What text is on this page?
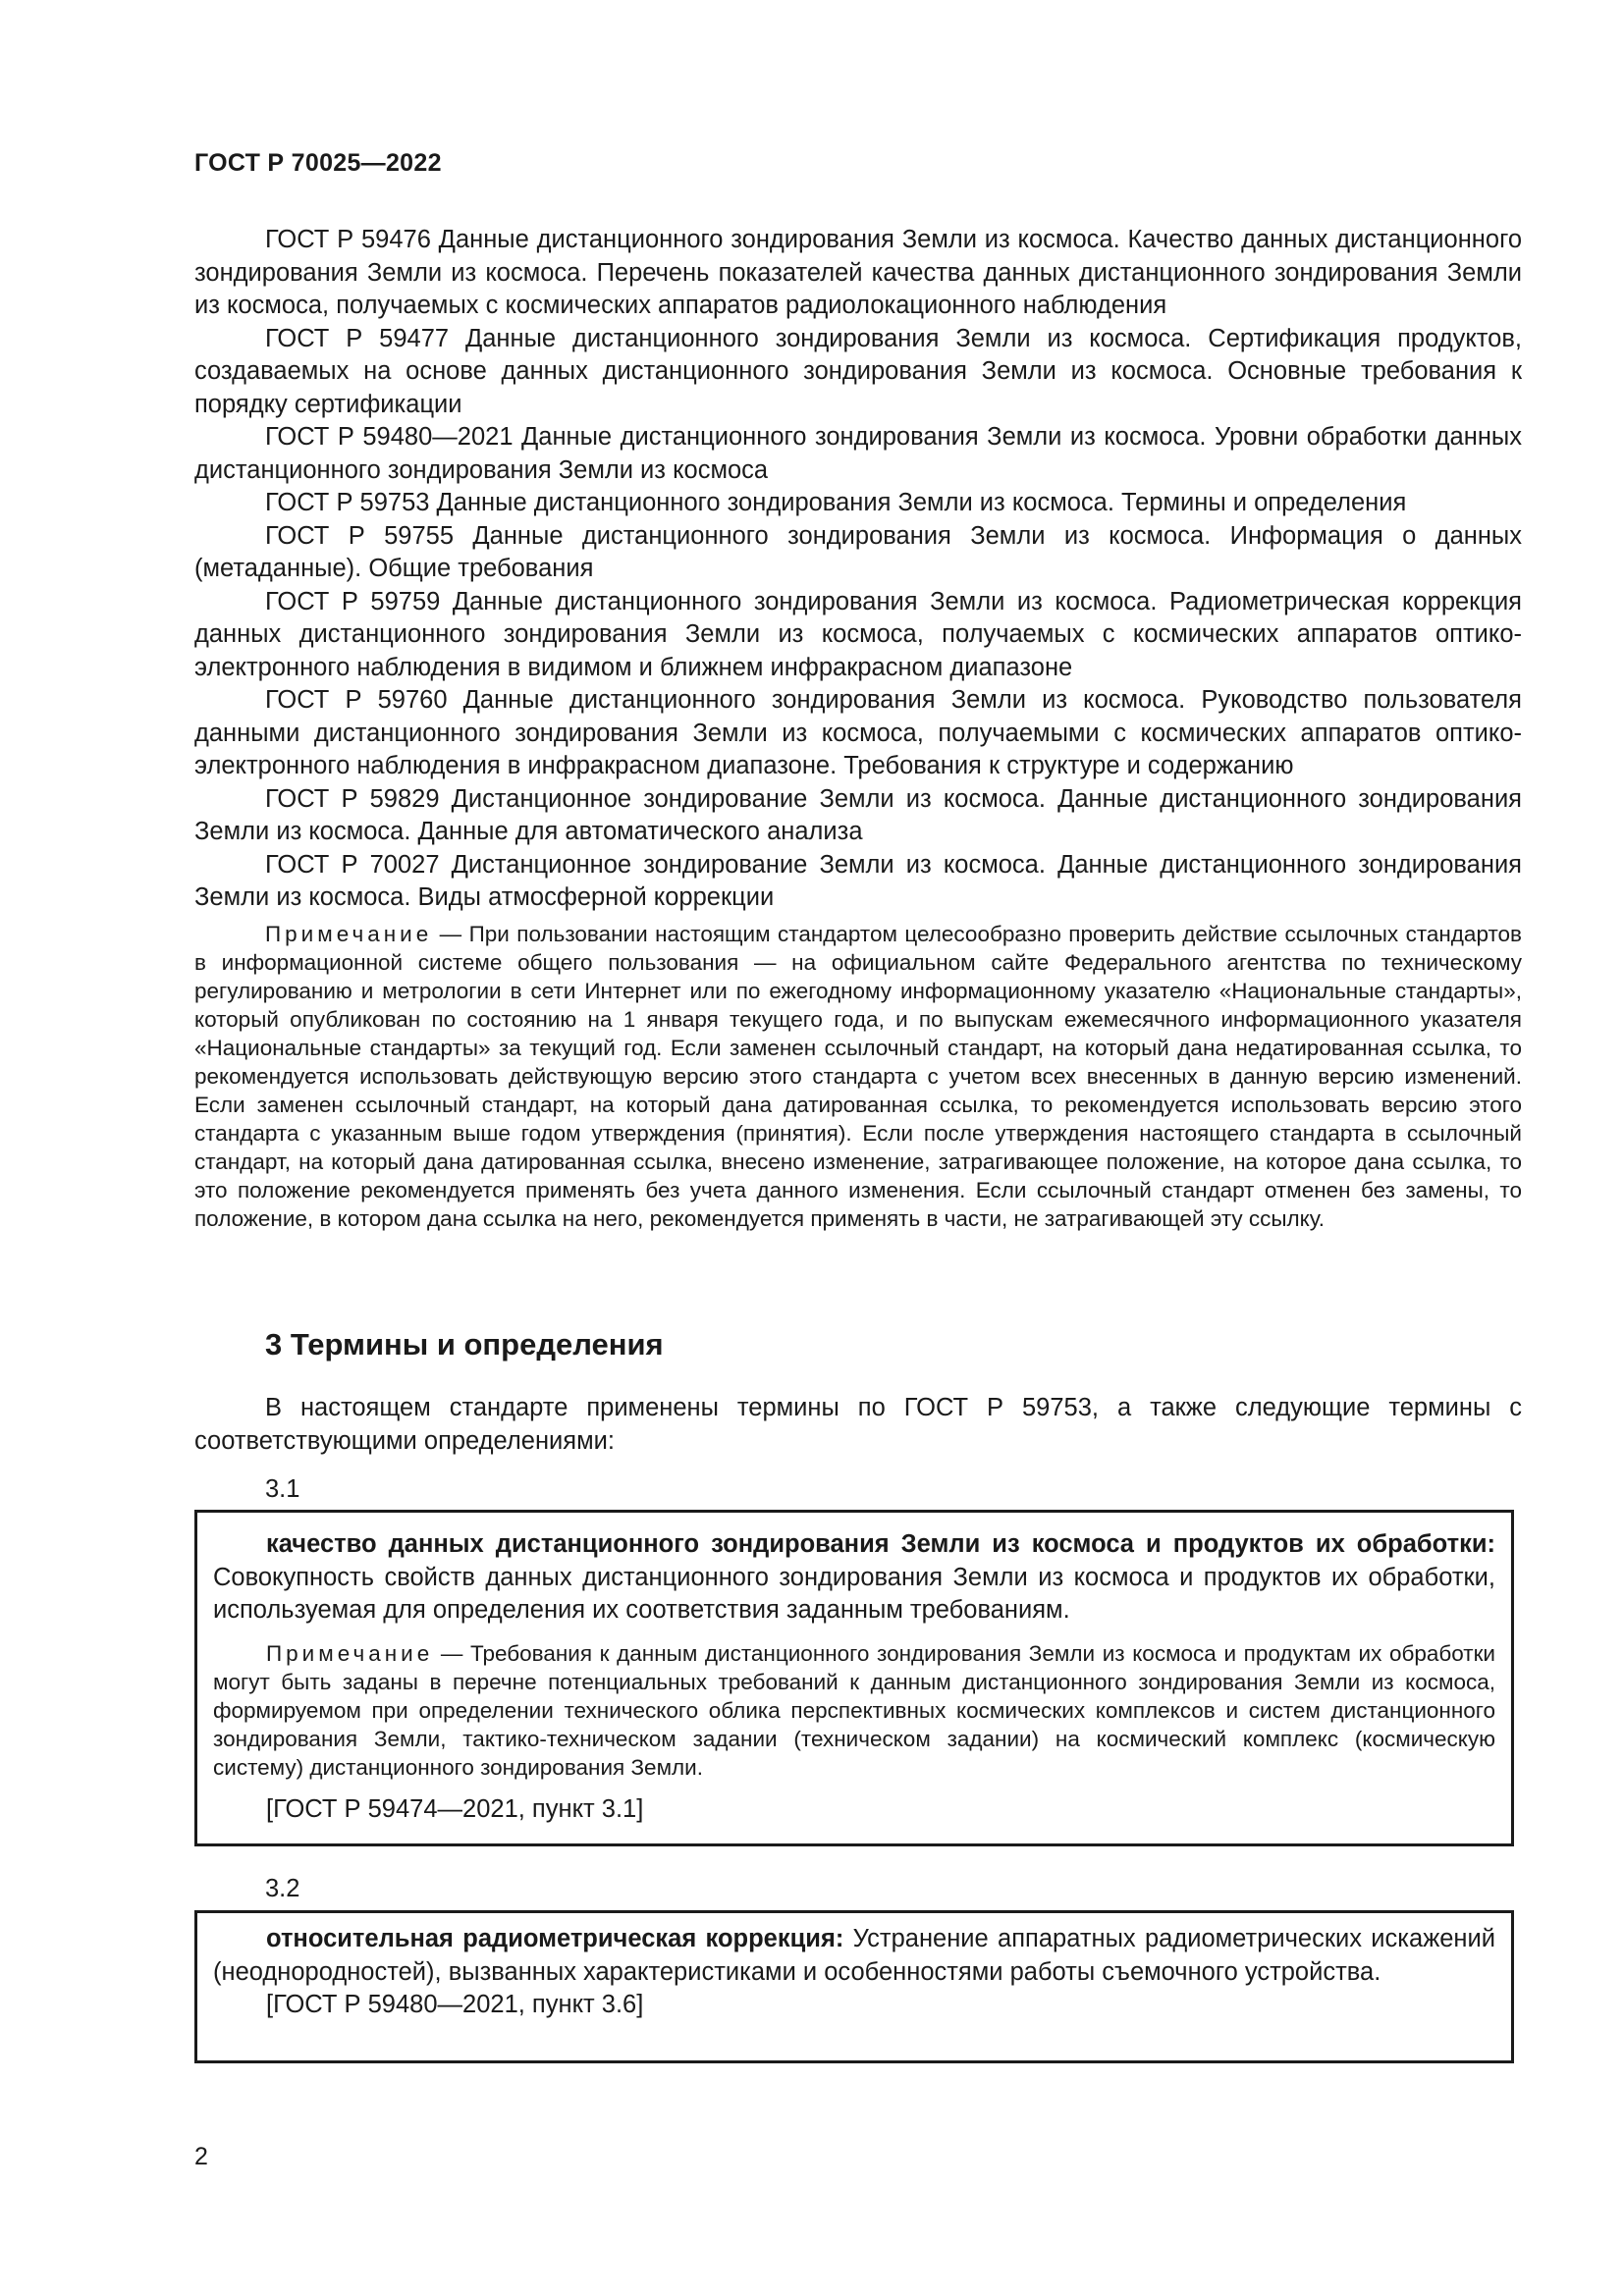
ГОСТ Р 70025—2022

ГОСТ Р 59476 Данные дистанционного зондирования Земли из космоса. Качество данных дистанционного зондирования Земли из космоса. Перечень показателей качества данных дистанционного зондирования Земли из космоса, получаемых с космических аппаратов радиолокационного наблюдения

ГОСТ Р 59477 Данные дистанционного зондирования Земли из космоса. Сертификация продуктов, создаваемых на основе данных дистанционного зондирования Земли из космоса. Основные требования к порядку сертификации

ГОСТ Р 59480—2021 Данные дистанционного зондирования Земли из космоса. Уровни обработки данных дистанционного зондирования Земли из космоса

ГОСТ Р 59753 Данные дистанционного зондирования Земли из космоса. Термины и определения

ГОСТ Р 59755 Данные дистанционного зондирования Земли из космоса. Информация о данных (метаданные). Общие требования

ГОСТ Р 59759 Данные дистанционного зондирования Земли из космоса. Радиометрическая коррекция данных дистанционного зондирования Земли из космоса, получаемых с космических аппаратов оптико-электронного наблюдения в видимом и ближнем инфракрасном диапазоне

ГОСТ Р 59760 Данные дистанционного зондирования Земли из космоса. Руководство пользователя данными дистанционного зондирования Земли из космоса, получаемыми с космических аппаратов оптико-электронного наблюдения в инфракрасном диапазоне. Требования к структуре и содержанию

ГОСТ Р 59829 Дистанционное зондирование Земли из космоса. Данные дистанционного зондирования Земли из космоса. Данные для автоматического анализа

ГОСТ Р 70027 Дистанционное зондирование Земли из космоса. Данные дистанционного зондирования Земли из космоса. Виды атмосферной коррекции

Примечание — При пользовании настоящим стандартом целесообразно проверить действие ссылочных стандартов в информационной системе общего пользования — на официальном сайте Федерального агентства по техническому регулированию и метрологии в сети Интернет или по ежегодному информационному указателю «Национальные стандарты», который опубликован по состоянию на 1 января текущего года, и по выпускам ежемесячного информационного указателя «Национальные стандарты» за текущий год. Если заменен ссылочный стандарт, на который дана недатированная ссылка, то рекомендуется использовать действующую версию этого стандарта с учетом всех внесенных в данную версию изменений. Если заменен ссылочный стандарт, на который дана датированная ссылка, то рекомендуется использовать версию этого стандарта с указанным выше годом утверждения (принятия). Если после утверждения настоящего стандарта в ссылочный стандарт, на который дана датированная ссылка, внесено изменение, затрагивающее положение, на которое дана ссылка, то это положение рекомендуется применять без учета данного изменения. Если ссылочный стандарт отменен без замены, то положение, в котором дана ссылка на него, рекомендуется применять в части, не затрагивающей эту ссылку.

3 Термины и определения

В настоящем стандарте применены термины по ГОСТ Р 59753, а также следующие термины с соответствующими определениями:

3.1

качество данных дистанционного зондирования Земли из космоса и продуктов их обработки: Совокупность свойств данных дистанционного зондирования Земли из космоса и продуктов их обработки, используемая для определения их соответствия заданным требованиям.

Примечание — Требования к данным дистанционного зондирования Земли из космоса и продуктам их обработки могут быть заданы в перечне потенциальных требований к данным дистанционного зондирования Земли из космоса, формируемом при определении технического облика перспективных космических комплексов и систем дистанционного зондирования Земли, тактико-техническом задании (техническом задании) на космический комплекс (космическую систему) дистанционного зондирования Земли.

[ГОСТ Р 59474—2021, пункт 3.1]

3.2

относительная радиометрическая коррекция: Устранение аппаратных радиометрических искажений (неоднородностей), вызванных характеристиками и особенностями работы съемочного устройства.

[ГОСТ Р 59480—2021, пункт 3.6]

2
